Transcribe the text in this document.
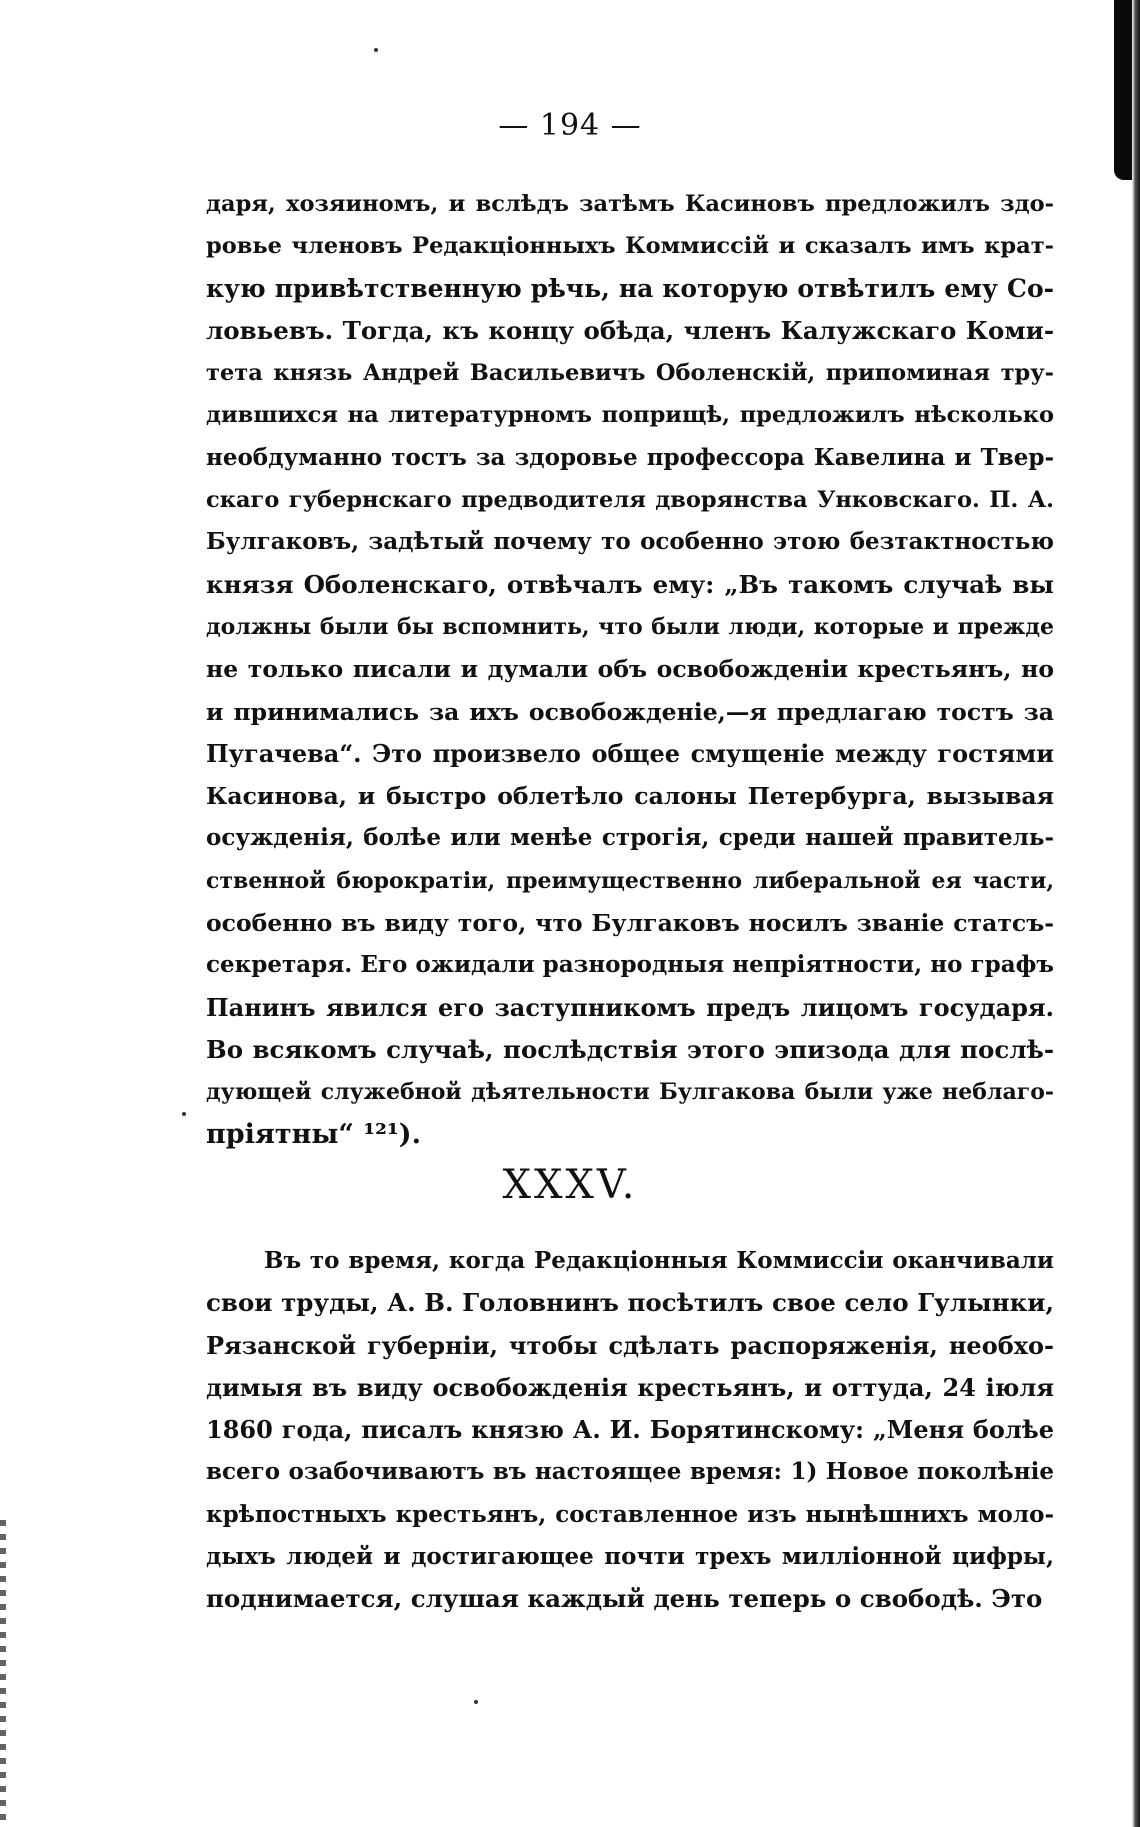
— 194 —
даря, хозяиномъ, и вслѣдъ затѣмъ Касиновъ предложилъ здо-
ровье членовъ Редакціонныхъ Коммиссій и сказалъ имъ крат-
кую привѣтственную рѣчь, на которую отвѣтилъ ему Со-
ловьевъ. Тогда, къ концу обѣда, членъ Калужскаго Коми-
тета князь Андрей Васильевичъ Оболенскій, припоминая тру-
дившихся на литературномъ поприщѣ, предложилъ нѣсколько
необдуманно тостъ за здоровье профессора Кавелина и Твер-
скаго губернскаго предводителя дворянства Унковскаго. П. А.
Булгаковъ, задѣтый почему то особенно этою безтактностью
князя Оболенскаго, отвѣчалъ ему: „Въ такомъ случаѣ вы
должны были бы вспомнить, что были люди, которые и прежде
не только писали и думали объ освобожденіи крестьянъ, но
и принимались за ихъ освобожденіе,—я предлагаю тостъ за
Пугачева“. Это произвело общее смущеніе между гостями
Касинова, и быстро облетѣло салоны Петербурга, вызывая
осужденія, болѣе или менѣе строгія, среди нашей правитель-
ственной бюрократіи, преимущественно либеральной ея части,
особенно въ виду того, что Булгаковъ носилъ званіе статсъ-
секретаря. Его ожидали разнородныя непріятности, но графъ
Панинъ явился его заступникомъ предъ лицомъ государя.
Во всякомъ случаѣ, послѣдствія этого эпизода для послѣ-
дующей служебной дѣятельности Булгакова были уже неблаго-
пріятны“ ¹²¹).
XXXV.
Въ то время, когда Редакціонныя Коммиссіи оканчивали
свои труды, А. В. Головнинъ посѣтилъ свое село Гулынки,
Рязанской губерніи, чтобы сдѣлать распоряженія, необхо-
димыя въ виду освобожденія крестьянъ, и оттуда, 24 іюля
1860 года, писалъ князю А. И. Борятинскому: „Меня болѣе
всего озабочиваютъ въ настоящее время: 1) Новое поколѣніе
крѣпостныхъ крестьянъ, составленное изъ нынѣшнихъ моло-
дыхъ людей и достигающее почти трехъ милліонной цифры,
поднимается, слушая каждый день теперь о свободѣ. Это
